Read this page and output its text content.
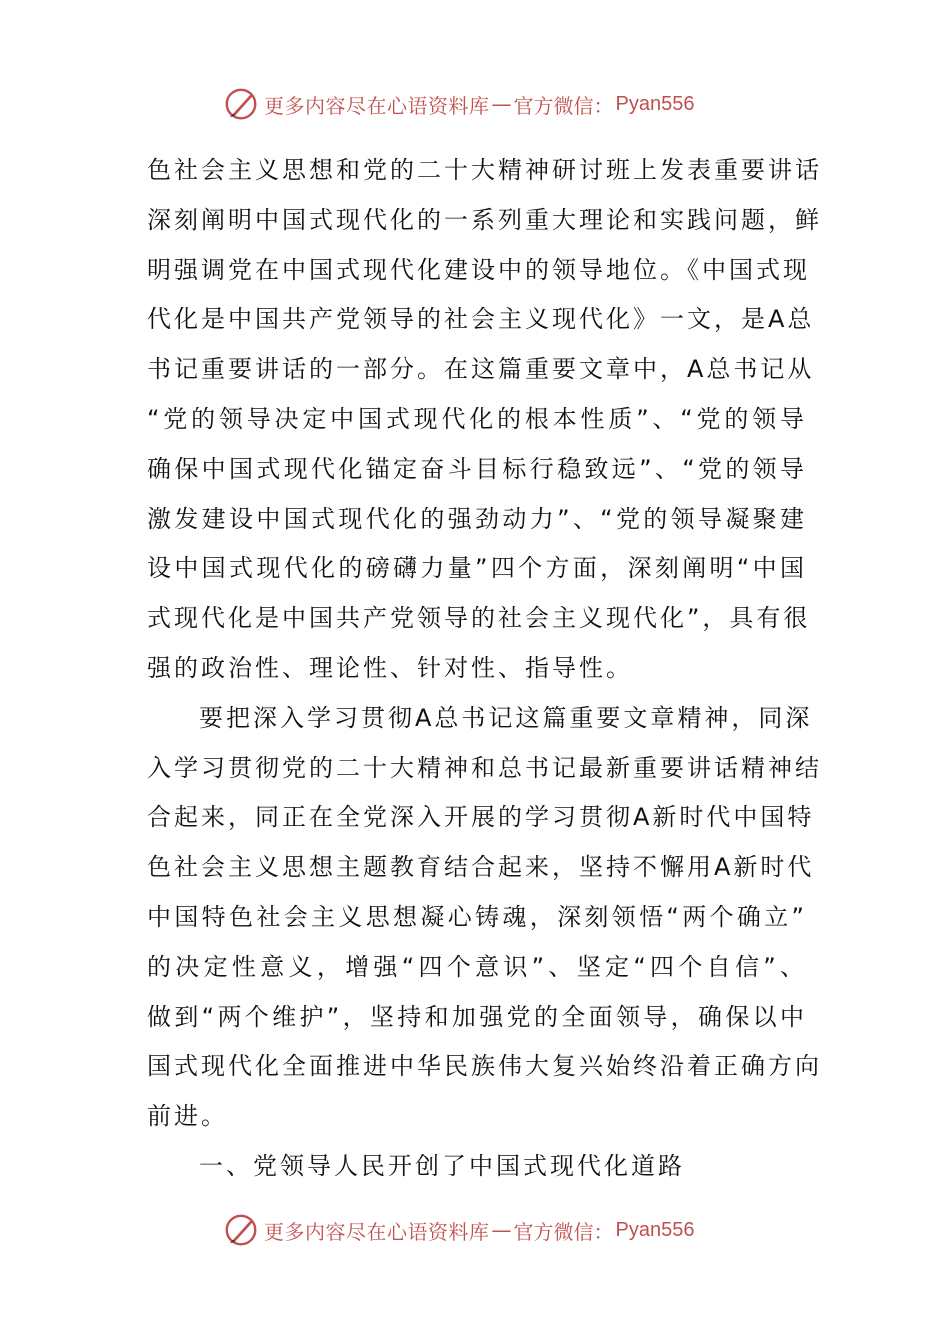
更多内容尽在心语资料库 — 官方微信： Pyan556
色社会主义思想和党的二十大精神研讨班上发表重要讲话
深刻阐明中国式现代化的一系列重大理论和实践问题，鲜
明强调党在中国式现代化建设中的领导地位。《中国式现
代化是中国共产党领导的社会主义现代化》一文，是A总
书记重要讲话的一部分。在这篇重要文章中，A总书记从
“党的领导决定中国式现代化的根本性质”、“党的领导
确保中国式现代化锚定奋斗目标行稳致远”、“党的领导
激发建设中国式现代化的强劲动力”、“党的领导凝聚建
设中国式现代化的磅礴力量”四个方面，深刻阐明“中国
式现代化是中国共产党领导的社会主义现代化”，具有很
强的政治性、理论性、针对性、指导性。
要把深入学习贯彻A总书记这篇重要文章精神，同深
入学习贯彻党的二十大精神和总书记最新重要讲话精神结
合起来，同正在全党深入开展的学习贯彻A新时代中国特
色社会主义思想主题教育结合起来，坚持不懈用A新时代
中国特色社会主义思想凝心铸魂，深刻领悟“两个确立”
的决定性意义，增强“四个意识”、坚定“四个自信”、
做到“两个维护”，坚持和加强党的全面领导，确保以中
国式现代化全面推进中华民族伟大复兴始终沿着正确方向
前进。
一、党领导人民开创了中国式现代化道路
更多内容尽在心语资料库 — 官方微信： Pyan556
